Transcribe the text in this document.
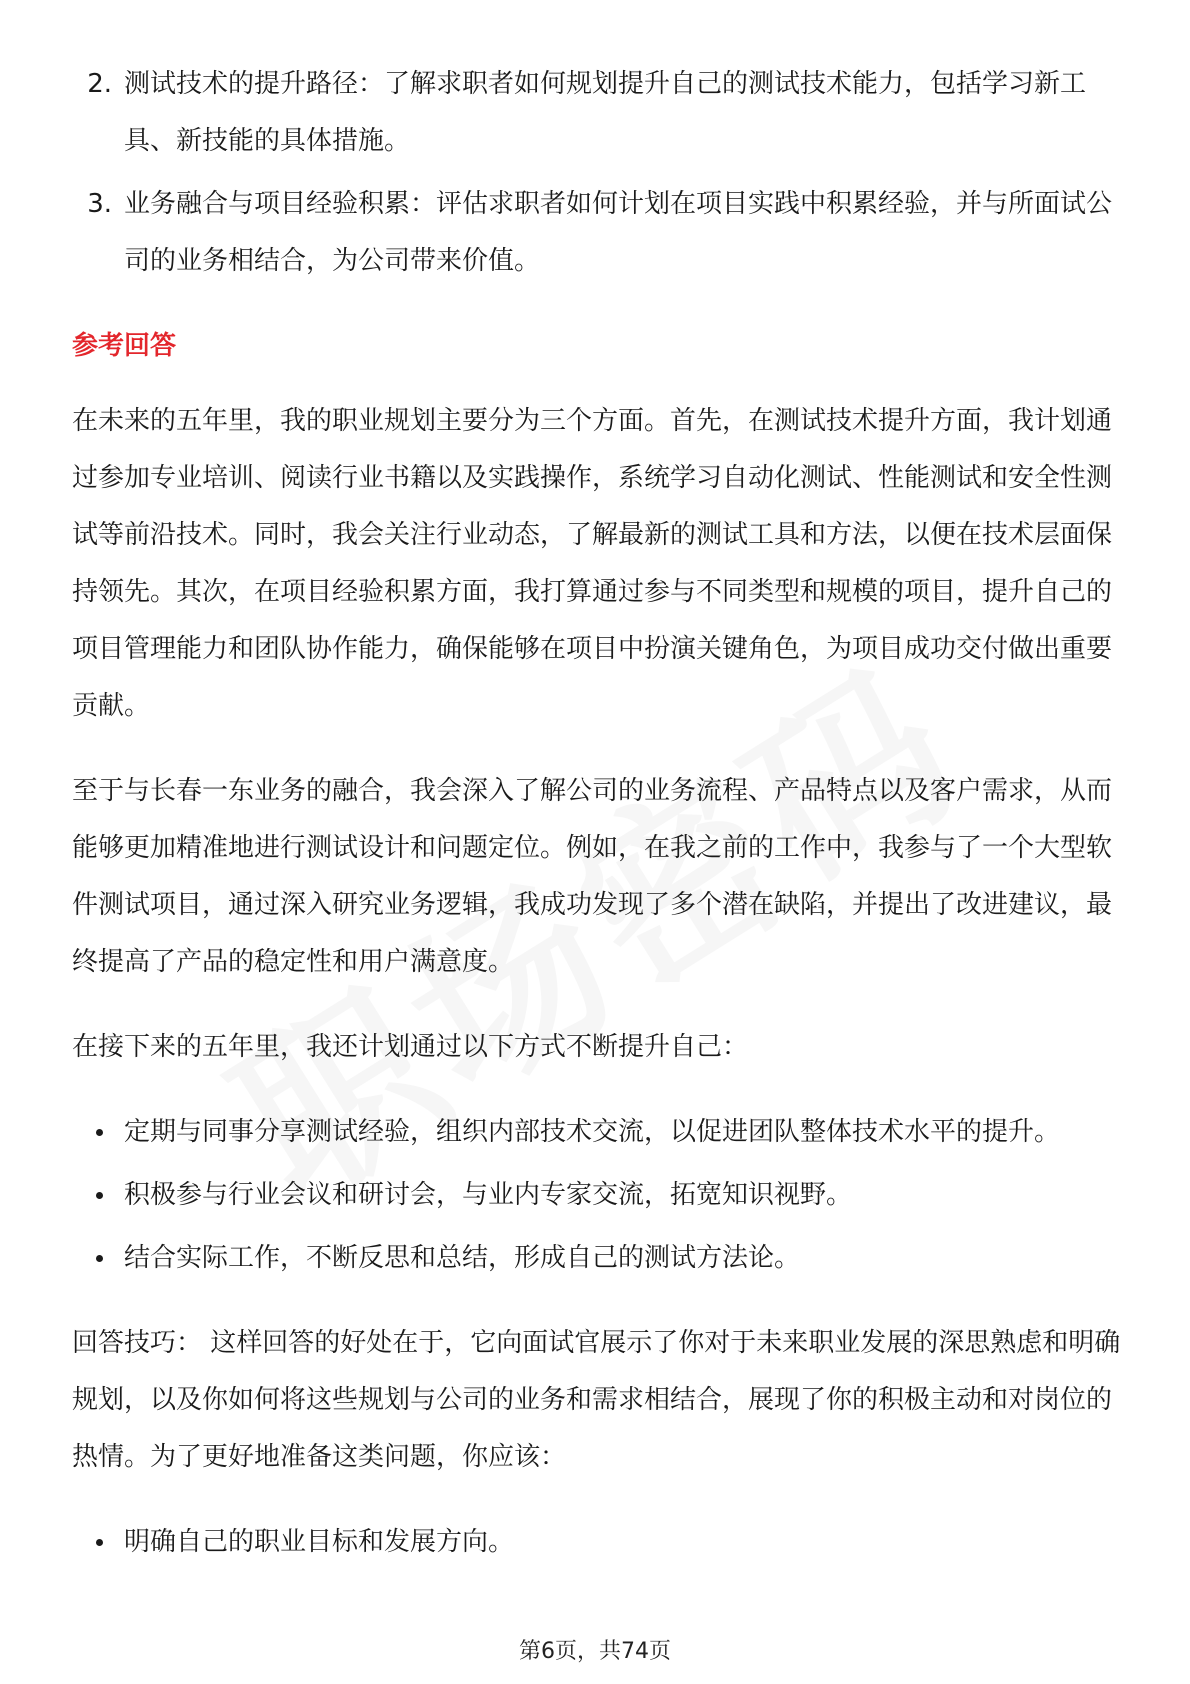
测试技术的提升路径：了解求职者如何规划提升自己的测试技术能力，包括学习新工具、新技能的具体措施。
业务融合与项目经验积累：评估求职者如何计划在项目实践中积累经验，并与所面试公司的业务相结合，为公司带来价值。
参考回答

在未来的五年里，我的职业规划主要分为三个方面。首先，在测试技术提升方面，我计划通过参加专业培训、阅读行业书籍以及实践操作，系统学习自动化测试、性能测试和安全性测试等前沿技术。同时，我会关注行业动态，了解最新的测试工具和方法，以便在技术层面保持领先。其次，在项目经验积累方面，我打算通过参与不同类型和规模的项目，提升自己的项目管理能力和团队协作能力，确保能够在项目中扮演关键角色，为项目成功交付做出重要贡献。

至于与长春一东业务的融合，我会深入了解公司的业务流程、产品特点以及客户需求，从而能够更加精准地进行测试设计和问题定位。例如，在我之前的工作中，我参与了一个大型软件测试项目，通过深入研究业务逻辑，我成功发现了多个潜在缺陷，并提出了改进建议，最终提高了产品的稳定性和用户满意度。

在接下来的五年里，我还计划通过以下方式不断提升自己：

定期与同事分享测试经验，组织内部技术交流，以促进团队整体技术水平的提升。
积极参与行业会议和研讨会，与业内专家交流，拓宽知识视野。
结合实际工作，不断反思和总结，形成自己的测试方法论。

回答技巧： 这样回答的好处在于，它向面试官展示了你对于未来职业发展的深思熟虑和明确规划，以及你如何将这些规划与公司的业务和需求相结合，展现了你的积极主动和对岗位的热情。为了更好地准备这类问题，你应该：

明确自己的职业目标和发展方向。
第6页，共74页
